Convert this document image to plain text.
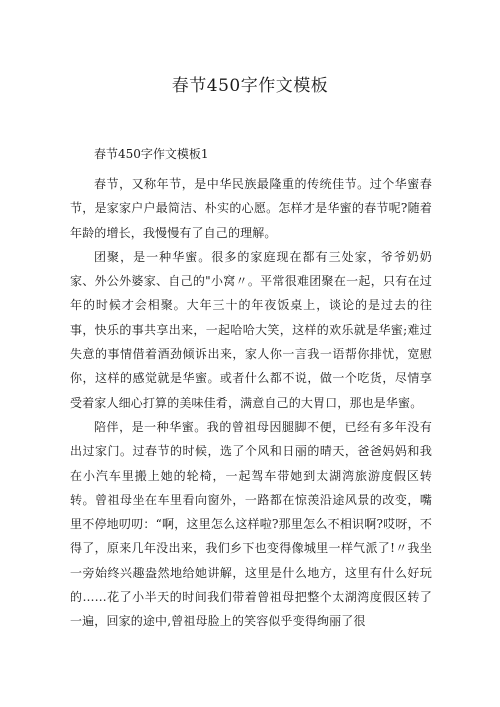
春节450字作文模板

春节450字作文模板1

春节，又称年节，是中华民族最隆重的传统佳节。过个华蜜春节，是家家户户最简洁、朴实的心愿。怎样才是华蜜的春节呢?随着年龄的增长，我慢慢有了自己的理解。

团聚，是一种华蜜。很多的家庭现在都有三处家，爷爷奶奶家、外公外婆家、自己的"小窝〃。平常很难团聚在一起，只有在过年的时候才会相聚。大年三十的年夜饭桌上，谈论的是过去的往事，快乐的事共享出来，一起哈哈大笑，这样的欢乐就是华蜜;难过失意的事情借着酒劲倾诉出来，家人你一言我一语帮你排忧，宽慰你，这样的感觉就是华蜜。或者什么都不说，做一个吃货，尽情享受着家人细心打算的美味佳肴，满意自己的大胃口，那也是华蜜。

陪伴，是一种华蜜。我的曾祖母因腿脚不便，已经有多年没有出过家门。过春节的时候，选了个风和日丽的晴天，爸爸妈妈和我在小汽车里搬上她的轮椅，一起驾车带她到太湖湾旅游度假区转转。曾祖母坐在车里看向窗外，一路都在惊羡沿途风景的改变，嘴里不停地叨叨：“啊，这里怎么这样啦?那里怎么不相识啊?哎呀，不得了，原来几年没出来，我们乡下也变得像城里一样气派了!〃我坐一旁始终兴趣盎然地给她讲解，这里是什么地方，这里有什么好玩的……花了小半天的时间我们带着曾祖母把整个太湖湾度假区转了一遍，回家的途中,曾祖母脸上的笑容似乎变得绚丽了很
